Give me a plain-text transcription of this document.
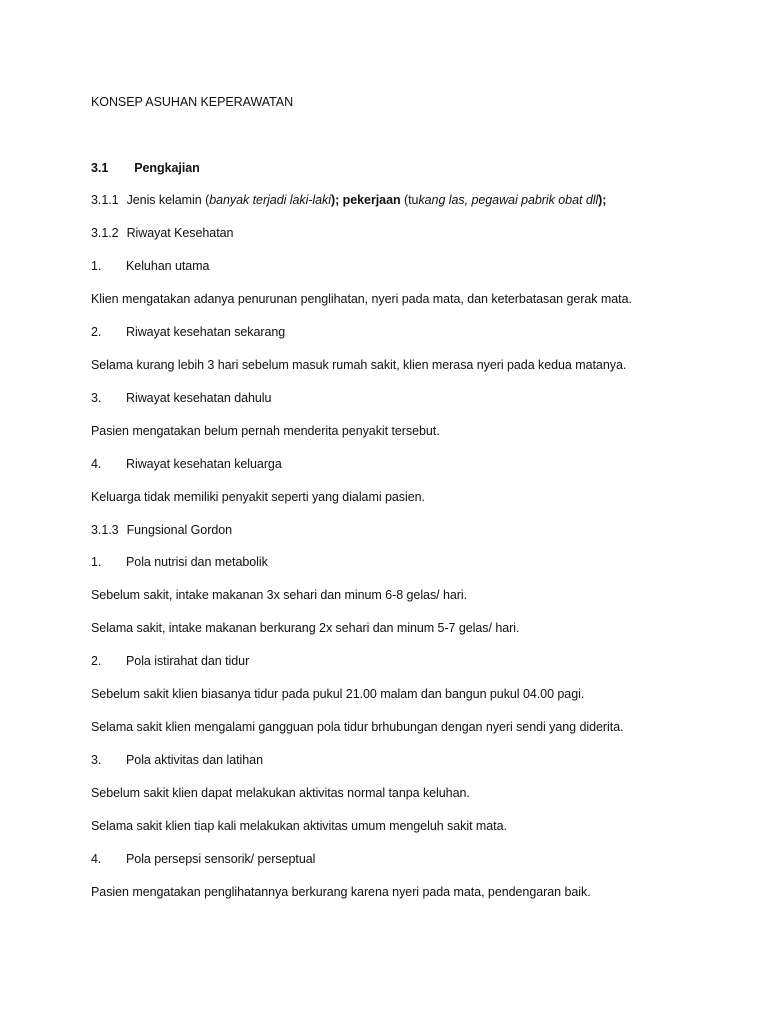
KONSEP ASUHAN KEPERAWATAN
3.1 Pengkajian
3.1.1 Jenis kelamin (banyak terjadi laki-laki); pekerjaan (tukang las, pegawai pabrik obat dll);
3.1.2 Riwayat Kesehatan
1. Keluhan utama
Klien mengatakan adanya penurunan penglihatan, nyeri pada mata, dan keterbatasan gerak mata.
2. Riwayat kesehatan sekarang
Selama kurang lebih 3 hari sebelum masuk rumah sakit, klien merasa nyeri pada kedua matanya.
3. Riwayat kesehatan dahulu
Pasien mengatakan belum pernah menderita penyakit tersebut.
4. Riwayat kesehatan keluarga
Keluarga tidak memiliki penyakit seperti yang dialami pasien.
3.1.3 Fungsional Gordon
1. Pola nutrisi dan metabolik
Sebelum sakit, intake makanan 3x sehari dan minum 6-8 gelas/ hari.
Selama sakit, intake makanan berkurang 2x sehari dan minum 5-7 gelas/ hari.
2. Pola istirahat dan tidur
Sebelum sakit klien biasanya tidur pada pukul 21.00 malam dan bangun pukul 04.00 pagi.
Selama sakit klien mengalami gangguan pola tidur brhubungan dengan nyeri sendi yang diderita.
3. Pola aktivitas dan latihan
Sebelum sakit klien dapat melakukan aktivitas normal tanpa keluhan.
Selama sakit klien tiap kali melakukan aktivitas umum mengeluh sakit mata.
4. Pola persepsi sensorik/ perseptual
Pasien mengatakan penglihatannya berkurang karena nyeri pada mata, pendengaran baik.
